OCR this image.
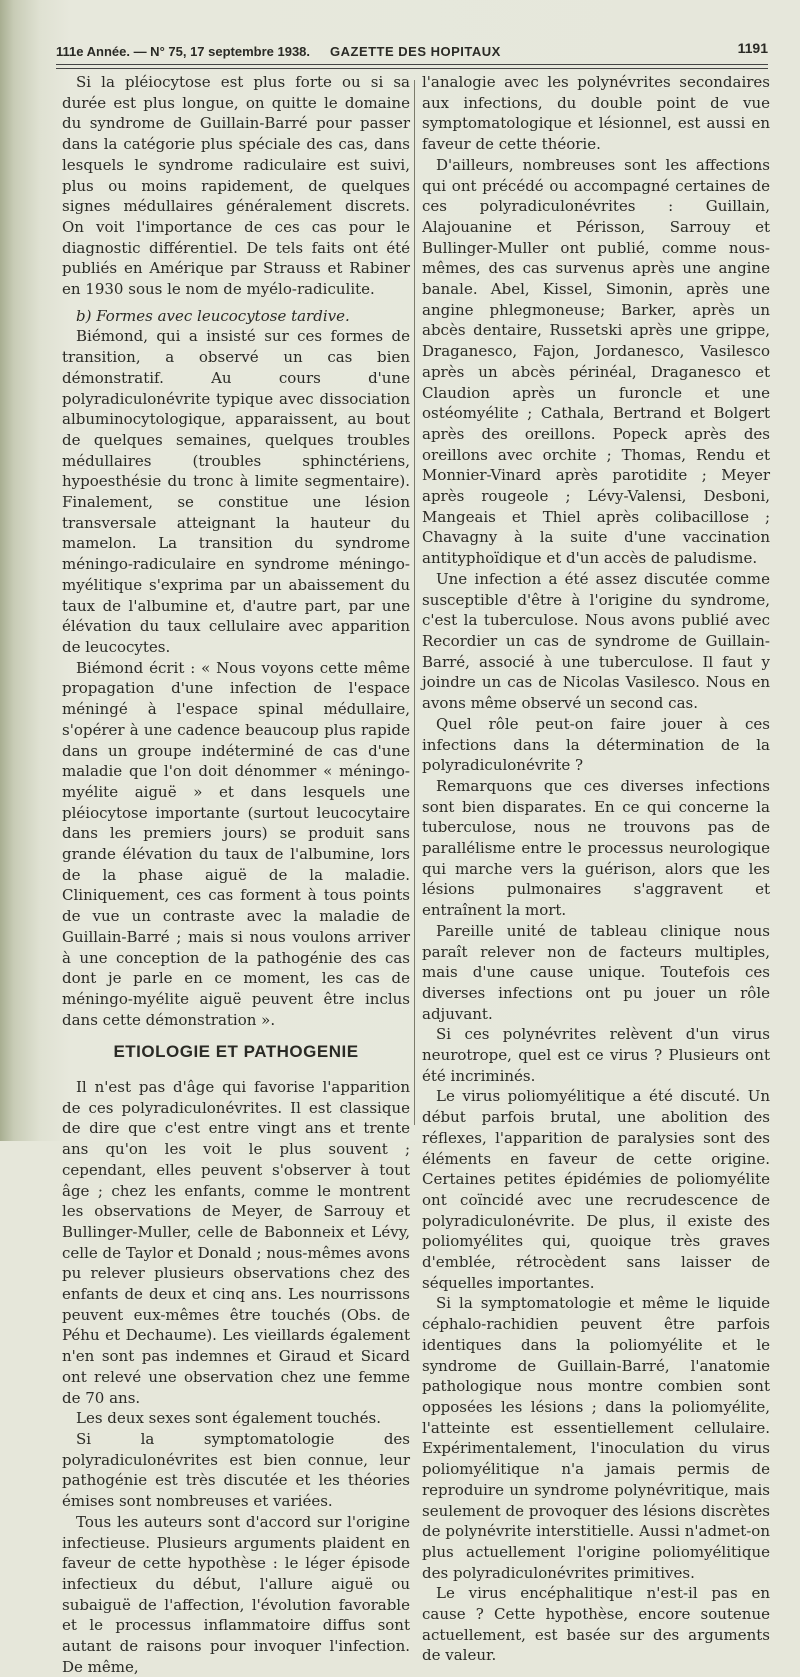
111e Année. — N° 75, 17 septembre 1938. GAZETTE DES HOPITAUX	1191

Si la pléiocytose est plus forte ou si sa durée est plus longue, on quitte le domaine du syndrome de Guillain-Barré pour passer dans la catégorie plus spéciale des cas, dans lesquels le syndrome radiculaire est suivi, plus ou moins rapidement, de quelques signes médullaires généralement discrets. On voit l'importance de ces cas pour le diagnostic différentiel. De tels faits ont été publiés en Amérique par Strauss et Rabiner en 1930 sous le nom de myélo-radiculite.

b) Formes avec leucocytose tardive.

Biémond, qui a insisté sur ces formes de transition, a observé un cas bien démonstratif. Au cours d'une polyradiculonévrite typique avec dissociation albuminocytologique, apparaissent, au bout de quelques semaines, quelques troubles médullaires (troubles sphinctériens, hypoesthésie du tronc à limite segmentaire). Finalement, se constitue une lésion transversale atteignant la hauteur du mamelon. La transition du syndrome méningo-radiculaire en syndrome méningo-myélitique s'exprima par un abaissement du taux de l'albumine et, d'autre part, par une élévation du taux cellulaire avec apparition de leucocytes.

Biémond écrit : « Nous voyons cette même propagation d'une infection de l'espace méningé à l'espace spinal médullaire, s'opérer à une cadence beaucoup plus rapide dans un groupe indéterminé de cas d'une maladie que l'on doit dénommer « méningo-myélite aiguë » et dans lesquels une pléiocytose importante (surtout leucocytaire dans les premiers jours) se produit sans grande élévation du taux de l'albumine, lors de la phase aiguë de la maladie. Cliniquement, ces cas forment à tous points de vue un contraste avec la maladie de Guillain-Barré ; mais si nous voulons arriver à une conception de la pathogénie des cas dont je parle en ce moment, les cas de méningo-myélite aiguë peuvent être inclus dans cette démonstration ».

ETIOLOGIE ET PATHOGENIE

Il n'est pas d'âge qui favorise l'apparition de ces polyradiculonévrites. Il est classique de dire que c'est entre vingt ans et trente ans qu'on les voit le plus souvent ; cependant, elles peuvent s'observer à tout âge ; chez les enfants, comme le montrent les observations de Meyer, de Sarrouy et Bullinger-Muller, celle de Babonneix et Lévy, celle de Taylor et Donald ; nous-mêmes avons pu relever plusieurs observations chez des enfants de deux et cinq ans. Les nourrissons peuvent eux-mêmes être touchés (Obs. de Péhu et Dechaume). Les vieillards également n'en sont pas indemnes et Giraud et Sicard ont relevé une observation chez une femme de 70 ans.

Les deux sexes sont également touchés.

Si la symptomatologie des polyradiculonévrites est bien connue, leur pathogénie est très discutée et les théories émises sont nombreuses et variées.

Tous les auteurs sont d'accord sur l'origine infectieuse. Plusieurs arguments plaident en faveur de cette hypothèse : le léger épisode infectieux du début, l'allure aiguë ou subaiguë de l'affection, l'évolution favorable et le processus inflammatoire diffus sont autant de raisons pour invoquer l'infection. De même,

l'analogie avec les polynévrites secondaires aux infections, du double point de vue symptomatologique et lésionnel, est aussi en faveur de cette théorie.

D'ailleurs, nombreuses sont les affections qui ont précédé ou accompagné certaines de ces polyradiculonévrites : Guillain, Alajouanine et Périsson, Sarrouy et Bullinger-Muller ont publié, comme nous-mêmes, des cas survenus après une angine banale. Abel, Kissel, Simonin, après une angine phlegmoneuse; Barker, après un abcès dentaire, Russetski après une grippe, Draganesco, Fajon, Jordanesco, Vasilesco après un abcès périnéal, Draganesco et Claudion après un furoncle et une ostéomyélite ; Cathala, Bertrand et Bolgert après des oreillons. Popeck après des oreillons avec orchite ; Thomas, Rendu et Monnier-Vinard après parotidite ; Meyer après rougeole ; Lévy-Valensi, Desboni, Mangeais et Thiel après colibacillose ; Chavagny à la suite d'une vaccination antityphoïdique et d'un accès de paludisme.

Une infection a été assez discutée comme susceptible d'être à l'origine du syndrome, c'est la tuberculose. Nous avons publié avec Recordier un cas de syndrome de Guillain-Barré, associé à une tuberculose. Il faut y joindre un cas de Nicolas Vasilesco. Nous en avons même observé un second cas.

Quel rôle peut-on faire jouer à ces infections dans la détermination de la polyradiculonévrite ?

Remarquons que ces diverses infections sont bien disparates. En ce qui concerne la tuberculose, nous ne trouvons pas de parallélisme entre le processus neurologique qui marche vers la guérison, alors que les lésions pulmonaires s'aggravent et entraînent la mort.

Pareille unité de tableau clinique nous paraît relever non de facteurs multiples, mais d'une cause unique. Toutefois ces diverses infections ont pu jouer un rôle adjuvant.

Si ces polynévrites relèvent d'un virus neurotrope, quel est ce virus ? Plusieurs ont été incriminés.

Le virus poliomyélitique a été discuté. Un début parfois brutal, une abolition des réflexes, l'apparition de paralysies sont des éléments en faveur de cette origine. Certaines petites épidémies de poliomyélite ont coïncidé avec une recrudescence de polyradiculonévrite. De plus, il existe des poliomyélites qui, quoique très graves d'emblée, rétrocèdent sans laisser de séquelles importantes.

Si la symptomatologie et même le liquide céphalo-rachidien peuvent être parfois identiques dans la poliomyélite et le syndrome de Guillain-Barré, l'anatomie pathologique nous montre combien sont opposées les lésions ; dans la poliomyélite, l'atteinte est essentiellement cellulaire. Expérimentalement, l'inoculation du virus poliomyélitique n'a jamais permis de reproduire un syndrome polynévritique, mais seulement de provoquer des lésions discrètes de polynévrite interstitielle. Aussi n'admet-on plus actuellement l'origine poliomyélitique des polyradiculonévrites primitives.

Le virus encéphalitique n'est-il pas en cause ? Cette hypothèse, encore soutenue actuellement, est basée sur des arguments de valeur.
